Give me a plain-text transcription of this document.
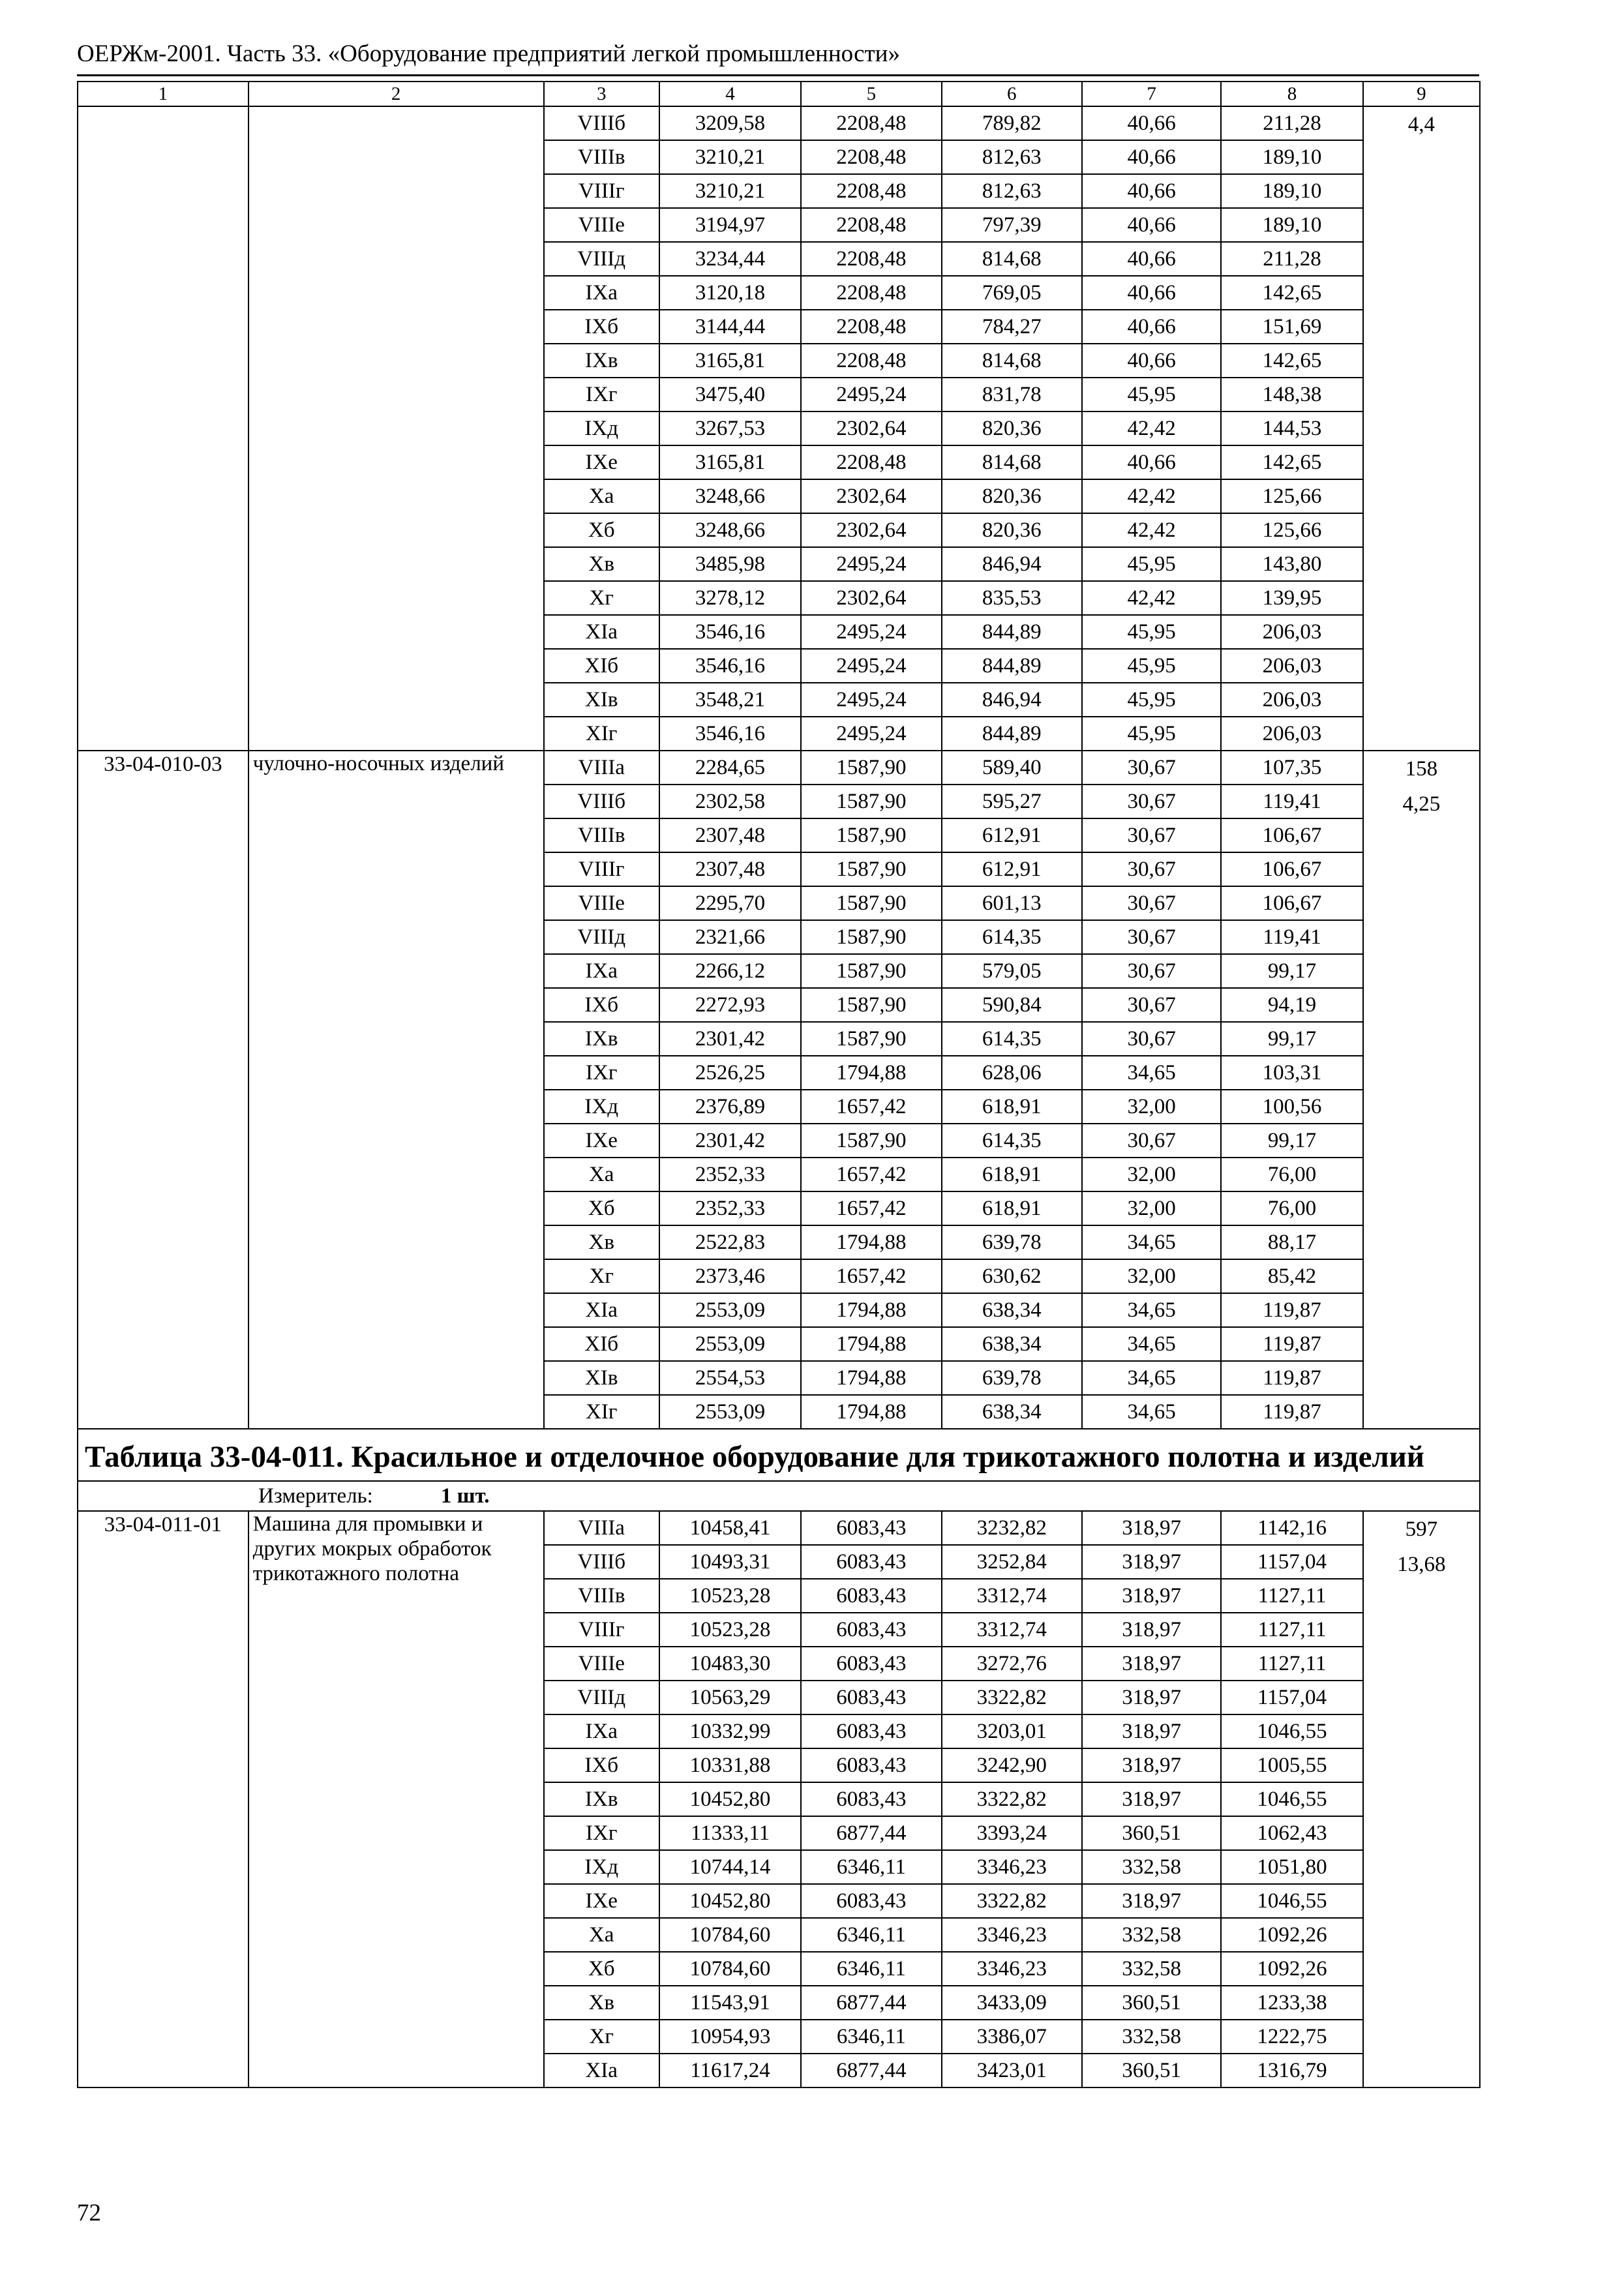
ОЕРЖм-2001. Часть 33. «Оборудование предприятий легкой промышленности»
1	2	3	4	5	6	7	8	9
		VIIIб	3209,58	2208,48	789,82	40,66	211,28	4,4

		VIIIв	3210,21	2208,48	812,63	40,66	189,10	
		VIIIг	3210,21	2208,48	812,63	40,66	189,10	
		VIIIе	3194,97	2208,48	797,39	40,66	189,10	
		VIIIд	3234,44	2208,48	814,68	40,66	211,28	
		IXа	3120,18	2208,48	769,05	40,66	142,65	
		IXб	3144,44	2208,48	784,27	40,66	151,69	
		IXв	3165,81	2208,48	814,68	40,66	142,65	
		IXг	3475,40	2495,24	831,78	45,95	148,38	
		IXд	3267,53	2302,64	820,36	42,42	144,53	
		IXе	3165,81	2208,48	814,68	40,66	142,65	
		Xа	3248,66	2302,64	820,36	42,42	125,66	
		Xб	3248,66	2302,64	820,36	42,42	125,66	
		Xв	3485,98	2495,24	846,94	45,95	143,80	
		Xг	3278,12	2302,64	835,53	42,42	139,95	
		XIа	3546,16	2495,24	844,89	45,95	206,03	
		XIб	3546,16	2495,24	844,89	45,95	206,03	
		XIв	3548,21	2495,24	846,94	45,95	206,03	
		XIг	3546,16	2495,24	844,89	45,95	206,03	
33-04-010-03	чулочно-носочных изделий	VIIIа	2284,65	1587,90	589,40	30,67	107,35	158
4,25

		VIIIб	2302,58	1587,90	595,27	30,67	119,41	
		VIIIв	2307,48	1587,90	612,91	30,67	106,67	
		VIIIг	2307,48	1587,90	612,91	30,67	106,67	
		VIIIе	2295,70	1587,90	601,13	30,67	106,67	
		VIIIд	2321,66	1587,90	614,35	30,67	119,41	
		IXа	2266,12	1587,90	579,05	30,67	99,17	
		IXб	2272,93	1587,90	590,84	30,67	94,19	
		IXв	2301,42	1587,90	614,35	30,67	99,17	
		IXг	2526,25	1794,88	628,06	34,65	103,31	
		IXд	2376,89	1657,42	618,91	32,00	100,56	
		IXе	2301,42	1587,90	614,35	30,67	99,17	
		Xа	2352,33	1657,42	618,91	32,00	76,00	
		Xб	2352,33	1657,42	618,91	32,00	76,00	
		Xв	2522,83	1794,88	639,78	34,65	88,17	
		Xг	2373,46	1657,42	630,62	32,00	85,42	
		XIа	2553,09	1794,88	638,34	34,65	119,87	
		XIб	2553,09	1794,88	638,34	34,65	119,87	
		XIв	2554,53	1794,88	639,78	34,65	119,87	
		XIг	2553,09	1794,88	638,34	34,65	119,87	
Таблица 33-04-011. Красильное и отделочное оборудование для трикотажного полотна и изделий								
Измеритель: 1 шт.								
33-04-011-01	Машина для промывки и других мокрых обработок трикотажного полотна	VIIIа	10458,41	6083,43	3232,82	318,97	1142,16	597
13,68

		VIIIб	10493,31	6083,43	3252,84	318,97	1157,04	
		VIIIв	10523,28	6083,43	3312,74	318,97	1127,11	
		VIIIг	10523,28	6083,43	3312,74	318,97	1127,11	
		VIIIе	10483,30	6083,43	3272,76	318,97	1127,11	
		VIIIд	10563,29	6083,43	3322,82	318,97	1157,04	
		IXа	10332,99	6083,43	3203,01	318,97	1046,55	
		IXб	10331,88	6083,43	3242,90	318,97	1005,55	
		IXв	10452,80	6083,43	3322,82	318,97	1046,55	
		IXг	11333,11	6877,44	3393,24	360,51	1062,43	
		IXд	10744,14	6346,11	3346,23	332,58	1051,80	
		IXе	10452,80	6083,43	3322,82	318,97	1046,55	
		Xа	10784,60	6346,11	3346,23	332,58	1092,26	
		Xб	10784,60	6346,11	3346,23	332,58	1092,26	
		Xв	11543,91	6877,44	3433,09	360,51	1233,38	
		Xг	10954,93	6346,11	3386,07	332,58	1222,75	
		XIа	11617,24	6877,44	3423,01	360,51	1316,79	
72
